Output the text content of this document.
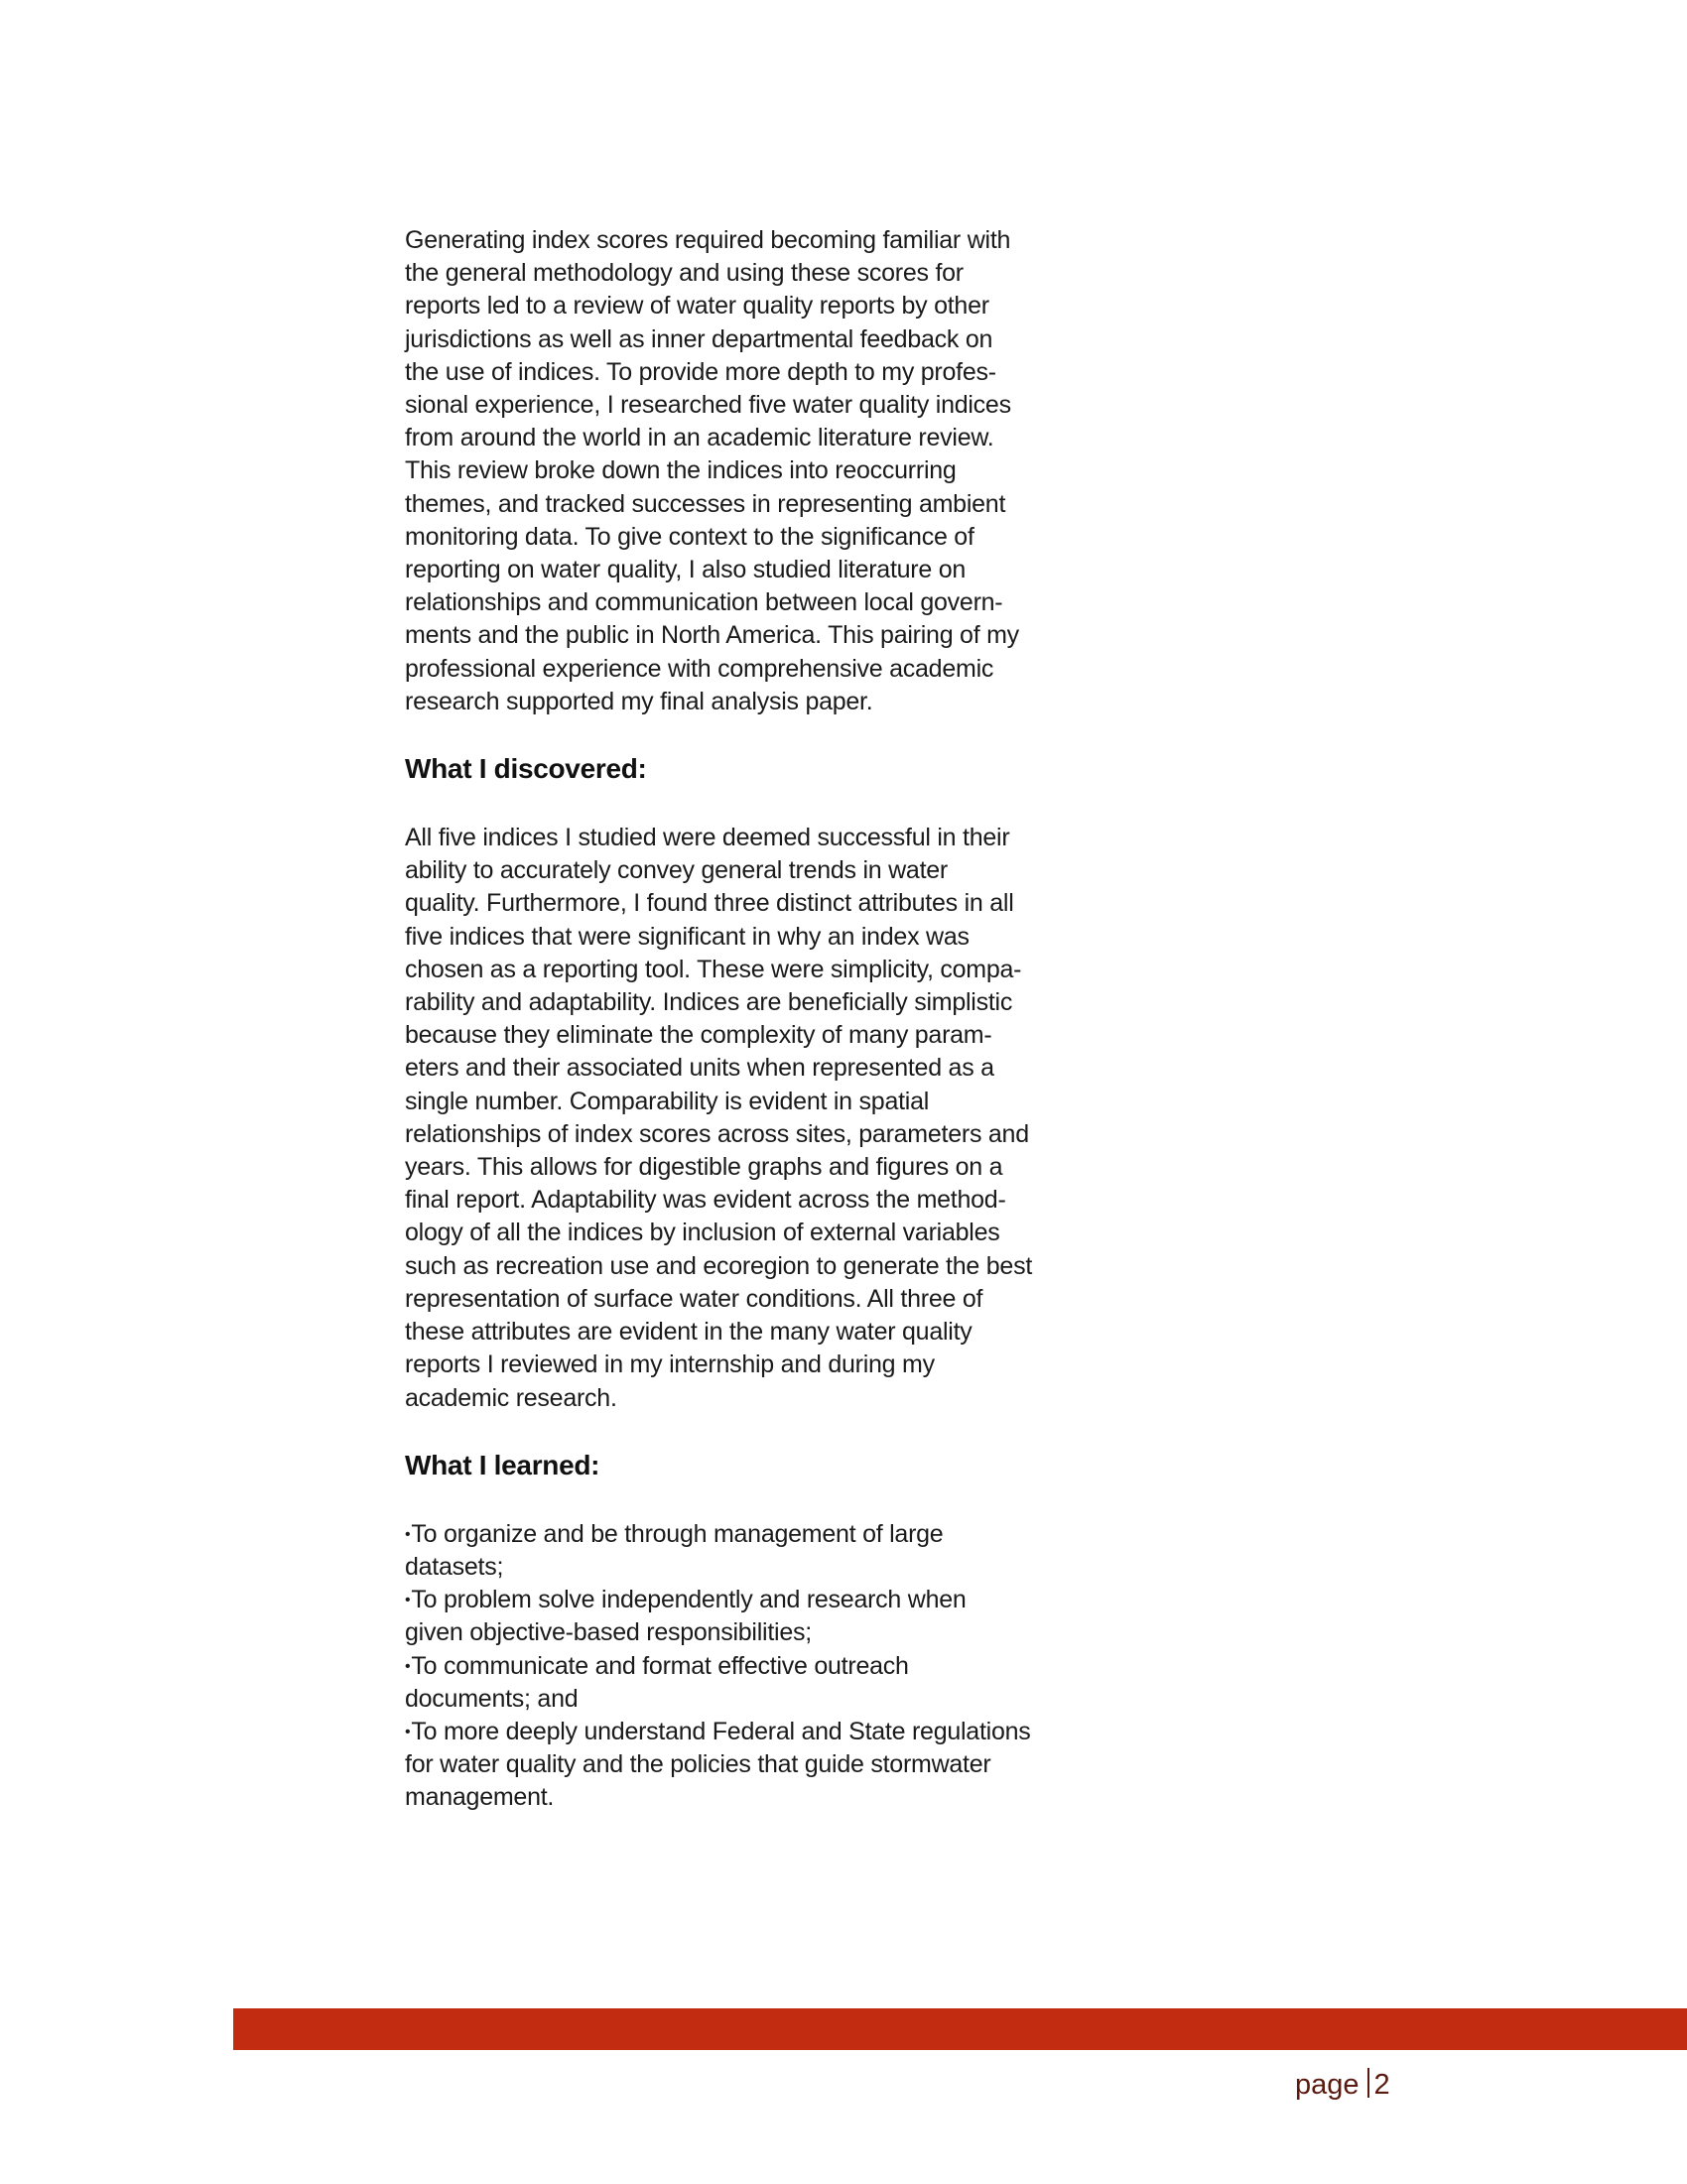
Generating index scores required becoming familiar with
the general methodology and using these scores for
reports led to a review of water quality reports by other
jurisdictions as well as inner departmental feedback on
the use of indices. To provide more depth to my profes-
sional experience, I researched five water quality indices
from around the world in an academic literature review.
This review broke down the indices into reoccurring
themes, and tracked successes in representing ambient
monitoring data. To give context to the significance of
reporting on water quality, I also studied literature on
relationships and communication between local govern-
ments and the public in North America. This pairing of my
professional experience with comprehensive academic
research supported my final analysis paper.

What I discovered:

All five indices I studied were deemed successful in their
ability to accurately convey general trends in water
quality. Furthermore, I found three distinct attributes in all
five indices that were significant in why an index was
chosen as a reporting tool. These were simplicity, compa-
rability and adaptability. Indices are beneficially simplistic
because they eliminate the complexity of many param-
eters and their associated units when represented as a
single number. Comparability is evident in spatial
relationships of index scores across sites, parameters and
years. This allows for digestible graphs and figures on a
final report. Adaptability was evident across the method-
ology of all the indices by inclusion of external variables
such as recreation use and ecoregion to generate the best
representation of surface water conditions. All three of
these attributes are evident in the many water quality
reports I reviewed in my internship and during my
academic research.

What I learned:
• To organize and be through management of large
datasets;
• To problem solve independently and research when
given objective-based responsibilities;
• To communicate and format effective outreach
documents; and
• To more deeply understand Federal and State regulations
for water quality and the policies that guide stormwater
management.
page 2
